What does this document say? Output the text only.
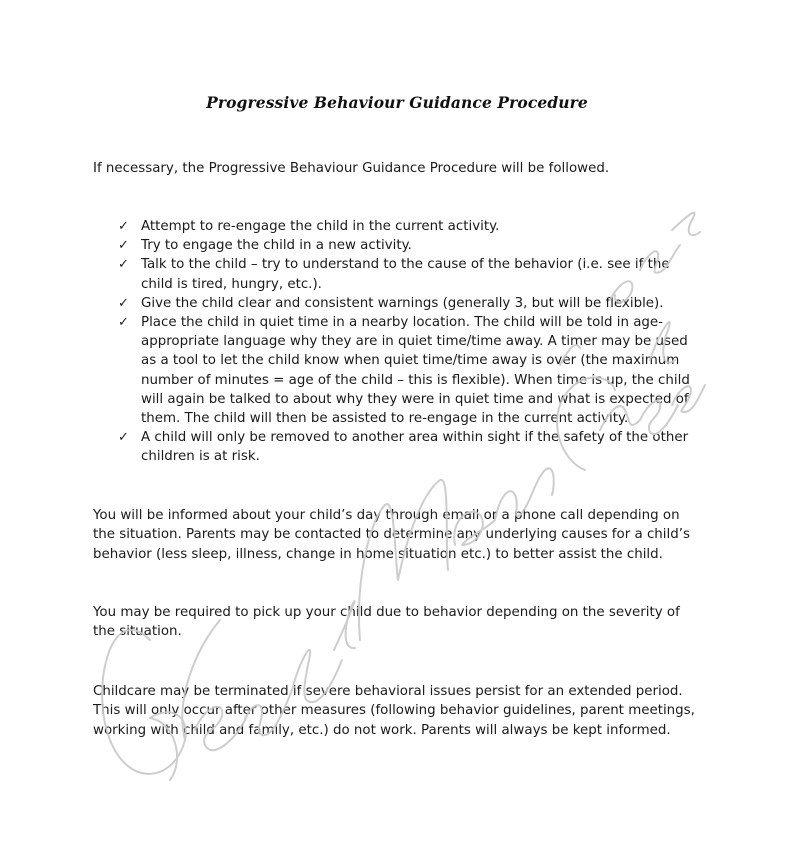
Progressive Behaviour Guidance Procedure
If necessary, the Progressive Behaviour Guidance Procedure will be followed.
✓ Attempt to re-engage the child in the current activity.
✓ Try to engage the child in a new activity.
✓ Talk to the child – try to understand to the cause of the behavior (i.e. see if the child is tired, hungry, etc.).
✓ Give the child clear and consistent warnings (generally 3, but will be flexible).
✓ Place the child in quiet time in a nearby location. The child will be told in age-appropriate language why they are in quiet time/time away. A timer may be used as a tool to let the child know when quiet time/time away is over (the maximum number of minutes = age of the child – this is flexible). When time is up, the child will again be talked to about why they were in quiet time and what is expected of them. The child will then be assisted to re-engage in the current activity.
✓ A child will only be removed to another area within sight if the safety of the other children is at risk.

You will be informed about your child’s day through email or a phone call depending on the situation. Parents may be contacted to determine any underlying causes for a child’s behavior (less sleep, illness, change in home situation etc.) to better assist the child.

You may be required to pick up your child due to behavior depending on the severity of the situation.

Childcare may be terminated if severe behavioral issues persist for an extended period. This will only occur after other measures (following behavior guidelines, parent meetings, working with child and family, etc.) do not work. Parents will always be kept informed.
